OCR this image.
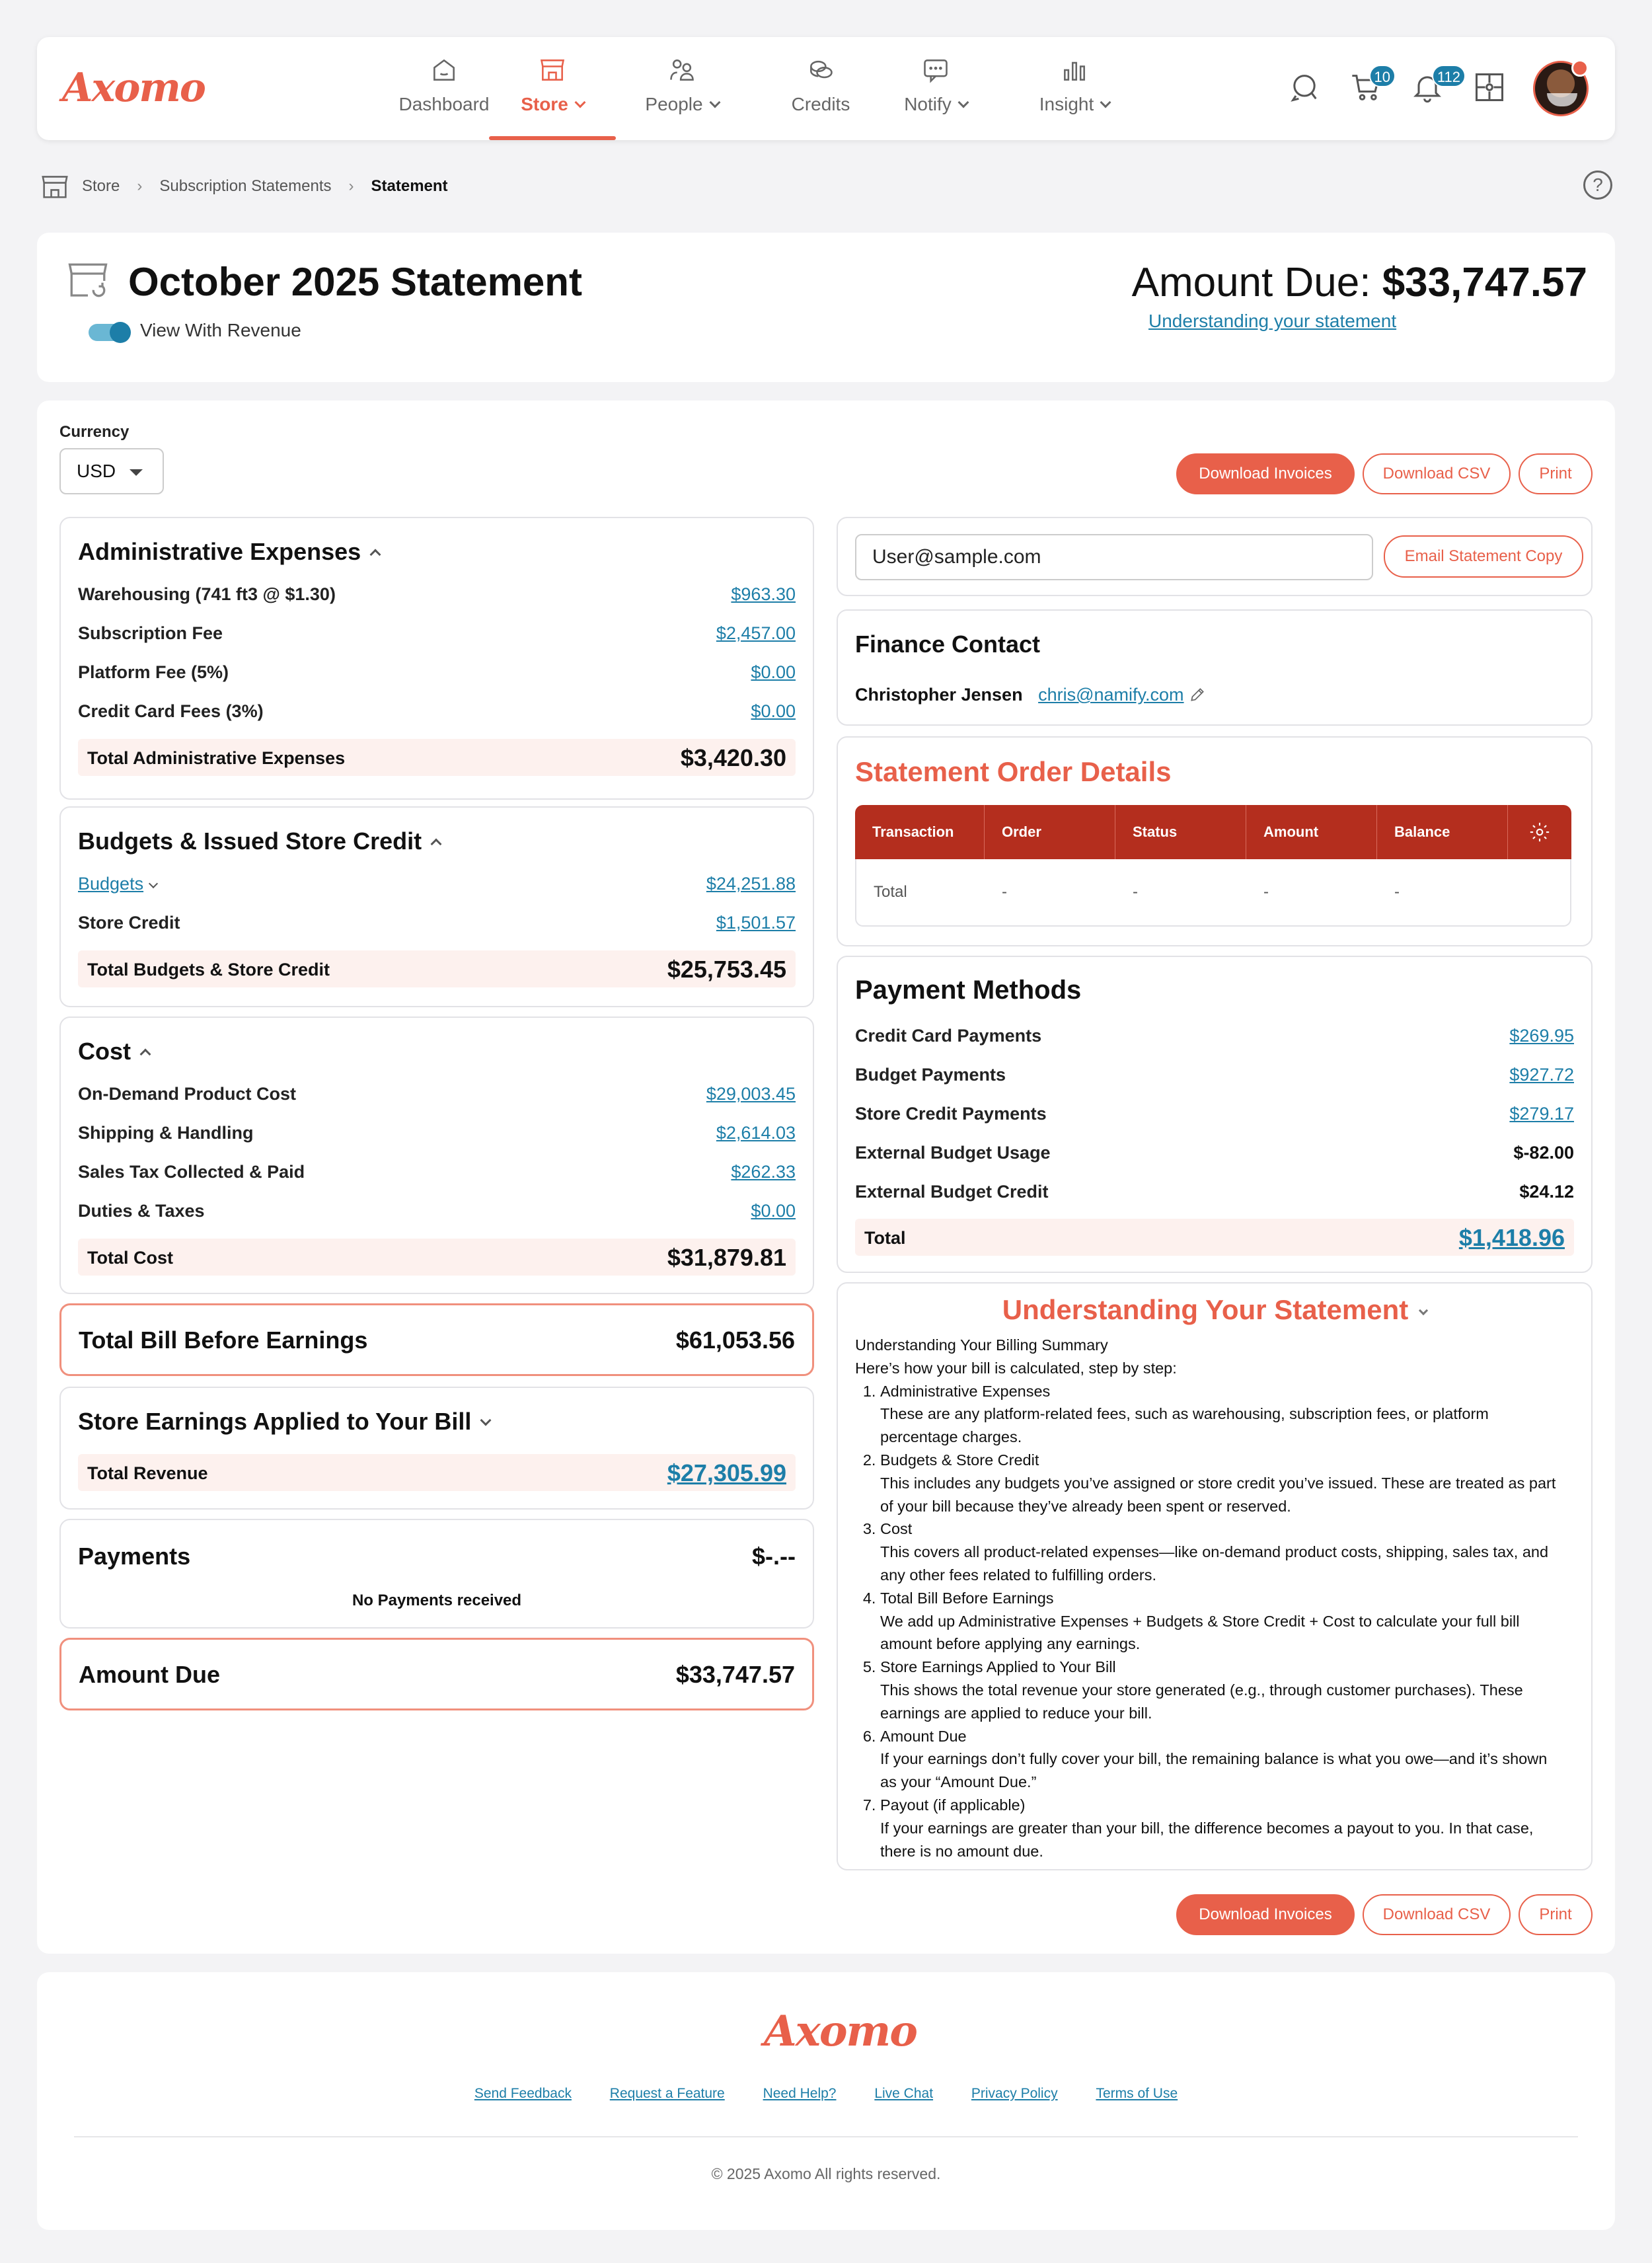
Axomo	Dashboard	Store	People	Credits	Notify	Insight
10	112
Store › Subscription Statements › Statement	?
October 2025 Statement
View With Revenue
Amount Due: $33,747.57
Understanding your statement
Currency
USD	Download Invoices	Download CSV	Print
Administrative Expenses
Warehousing (741 ft3 @ $1.30)	$963.30
Subscription Fee	$2,457.00
Platform Fee (5%)	$0.00
Credit Card Fees (3%)	$0.00
Total Administrative Expenses	$3,420.30
Budgets & Issued Store Credit
Budgets	$24,251.88
Store Credit	$1,501.57
Total Budgets & Store Credit	$25,753.45
Cost
On-Demand Product Cost	$29,003.45
Shipping & Handling	$2,614.03
Sales Tax Collected & Paid	$262.33
Duties & Taxes	$0.00
Total Cost	$31,879.81
Total Bill Before Earnings	$61,053.56
Store Earnings Applied to Your Bill
Total Revenue	$27,305.99
Payments	$-.--
No Payments received
Amount Due	$33,747.57
User@sample.com	Email Statement Copy
Finance Contact
Christopher Jensen chris@namify.com
Statement Order Details
Transaction	Order	Status	Amount	Balance	
Total	-	-	-	-	
Payment Methods
Credit Card Payments	$269.95
Budget Payments	$927.72
Store Credit Payments	$279.17
External Budget Usage	$-82.00
External Budget Credit	$24.12
Total	$1,418.96
Understanding Your Statement
Understanding Your Billing Summary
Here’s how your bill is calculated, step by step:
1. Administrative Expenses
These are any platform-related fees, such as warehousing, subscription fees, or platform percentage charges.
2. Budgets & Store Credit
This includes any budgets you’ve assigned or store credit you’ve issued. These are treated as part of your bill because they’ve already been spent or reserved.
3. Cost
This covers all product-related expenses—like on-demand product costs, shipping, sales tax, and any other fees related to fulfilling orders.
4. Total Bill Before Earnings
We add up Administrative Expenses + Budgets & Store Credit + Cost to calculate your full bill amount before applying any earnings.
5. Store Earnings Applied to Your Bill
This shows the total revenue your store generated (e.g., through customer purchases). These earnings are applied to reduce your bill.
6. Amount Due
If your earnings don’t fully cover your bill, the remaining balance is what you owe—and it’s shown as your “Amount Due.”
7. Payout (if applicable)
If your earnings are greater than your bill, the difference becomes a payout to you. In that case, there is no amount due.
Download Invoices	Download CSV	Print
Axomo
Send Feedback	Request a Feature	Need Help?	Live Chat	Privacy Policy	Terms of Use
© 2025 Axomo All rights reserved.
